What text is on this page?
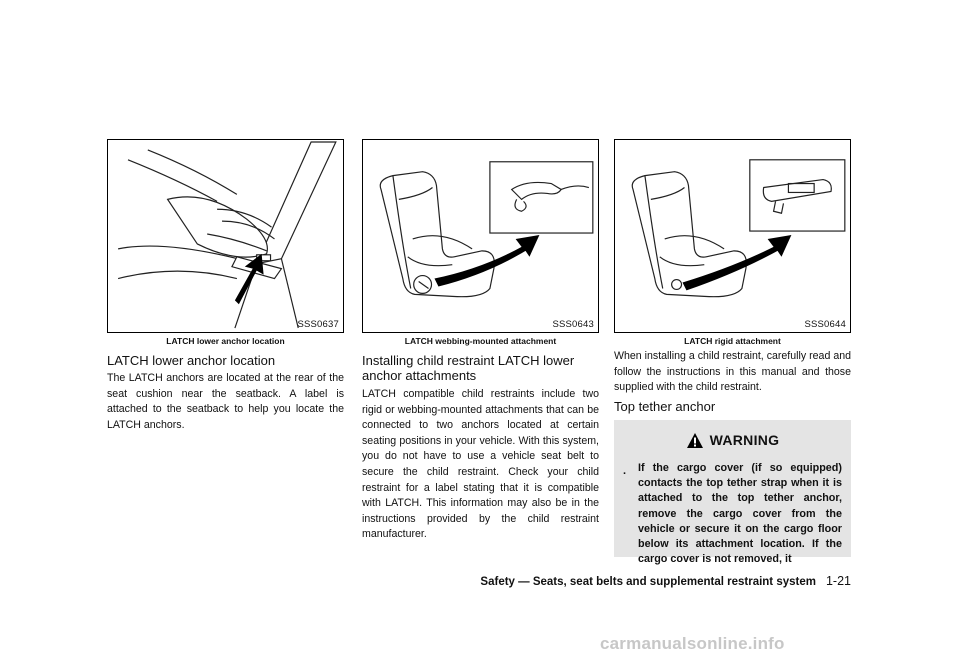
SSS0637
LATCH lower anchor location
SSS0643
LATCH webbing-mounted attachment
SSS0644
LATCH rigid attachment
LATCH lower anchor location
The LATCH anchors are located at the rear of the seat cushion near the seatback. A label is attached to the seatback to help you locate the LATCH anchors.
Installing child restraint LATCH lower anchor attachments
LATCH compatible child restraints include two rigid or webbing-mounted attachments that can be connected to two anchors located at certain seating positions in your vehicle. With this system, you do not have to use a vehicle seat belt to secure the child restraint. Check your child restraint for a label stating that it is compatible with LATCH. This information may also be in the instructions provided by the child restraint manufacturer.
When installing a child restraint, carefully read and follow the instructions in this manual and those supplied with the child restraint.
Top tether anchor
WARNING
. If the cargo cover (if so equipped) contacts the top tether strap when it is attached to the top tether anchor, remove the cargo cover from the vehicle or secure it on the cargo floor below its attachment location. If the cargo cover is not removed, it
Safety — Seats, seat belts and supplemental restraint system 1-21
carmanualsonline.info
